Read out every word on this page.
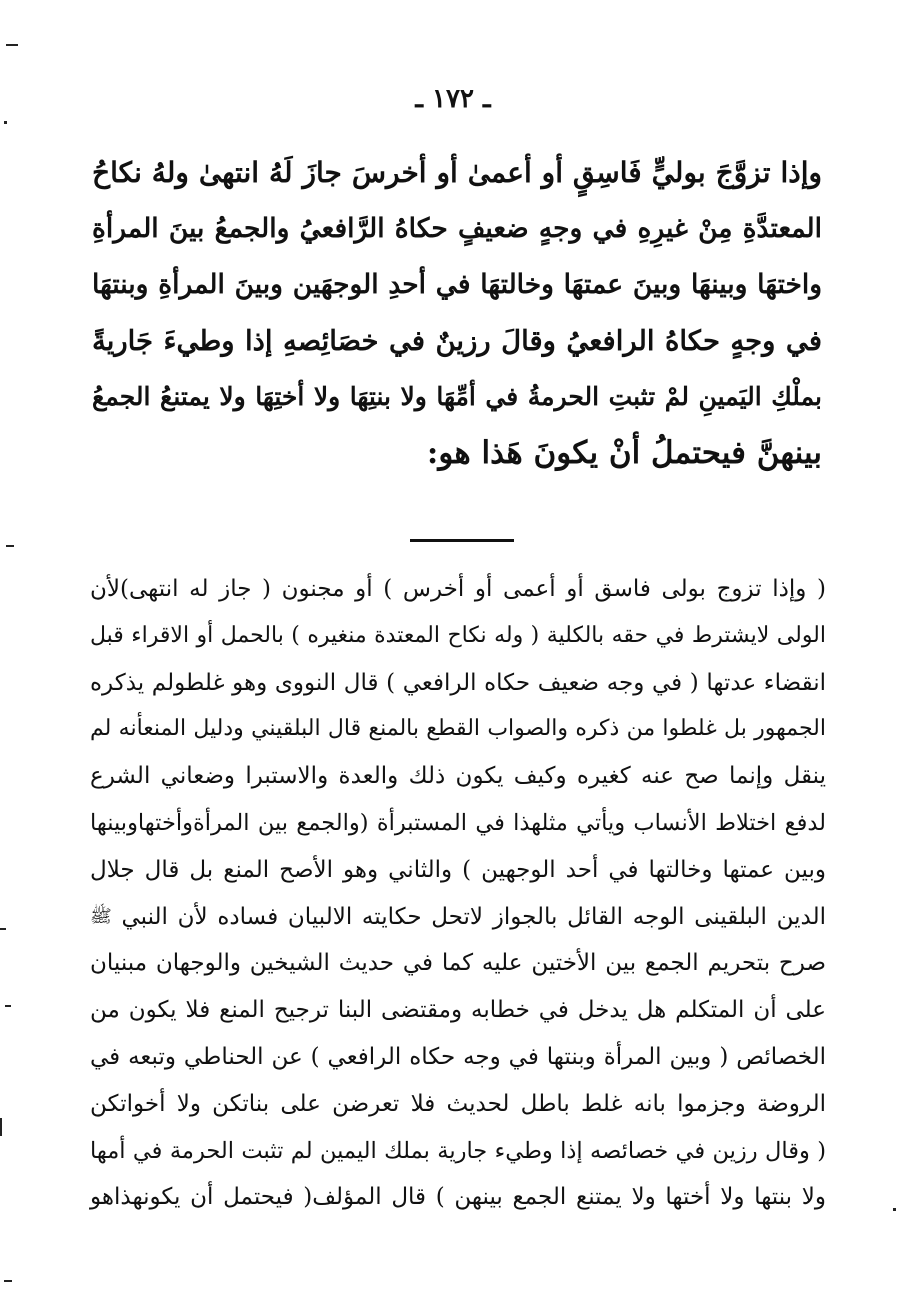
ـ ١٧٢ ـ
وإذا تزوَّجَ بوليٍّ فَاسِقٍ أو أعمىٰ أو أخرسَ جازَ لَهُ انتهىٰ ولهُ نكاحُ
المعتدَّةِ مِنْ غيرِهِ في وجهٍ ضعيفٍ حكاهُ الرَّافعيُ والجمعُ بينَ المرأةِ
واختهَا وبينهَا وبينَ عمتهَا وخالتهَا في أحدِ الوجهَين وبينَ المرأةِ وبنتهَا
في وجهٍ حكاهُ الرافعيُ وقالَ رزينٌ في خصَائِصهِ إذا وطيءَ جَاريةً
بملْكِ اليَمينِ لمْ تثبتِ الحرمةُ في أمِّهَا ولا بنتِهَا ولا أختِهَا ولا يمتنعُ الجمعُ
بينهنَّ فيحتملُ أنْ يكونَ هَذا هو:
( وإذا تزوج بولى فاسق أو أعمى أو أخرس ) أو مجنون ( جاز له انتهى)لأن
الولى لايشترط في حقه بالكلية ( وله نكاح المعتدة منغيره ) بالحمل أو الاقراء قبل
انقضاء عدتها ( في وجه ضعيف حكاه الرافعي ) قال النووى وهو غلطولم يذكره
الجمهور بل غلطوا من ذكره والصواب القطع بالمنع قال البلقيني ودليل المنعأنه لم
ينقل وإنما صح عنه كغيره وكيف يكون ذلك والعدة والاستبرا وضعاني الشرع
لدفع اختلاط الأنساب ويأتي مثلهذا في المستبرأة (والجمع بين المرأةوأختهاوبينها
وبين عمتها وخالتها في أحد الوجهين ) والثاني وهو الأصح المنع بل قال جلال
الدين البلقينى الوجه القائل بالجواز لاتحل حكايته الالبيان فساده لأن النبي ﷺ
صرح بتحريم الجمع بين الأختين عليه كما في حديث الشيخين والوجهان مبنيان
على أن المتكلم هل يدخل في خطابه ومقتضى البنا ترجيح المنع فلا يكون من
الخصائص ( وبين المرأة وبنتها في وجه حكاه الرافعي ) عن الحناطي وتبعه في
الروضة وجزموا بانه غلط باطل لحديث فلا تعرضن على بناتكن ولا أخواتكن
( وقال رزين في خصائصه إذا وطيء جارية بملك اليمين لم تثبت الحرمة في أمها
ولا بنتها ولا أختها ولا يمتنع الجمع بينهن ) قال المؤلف( فيحتمل أن يكونهذاهو
